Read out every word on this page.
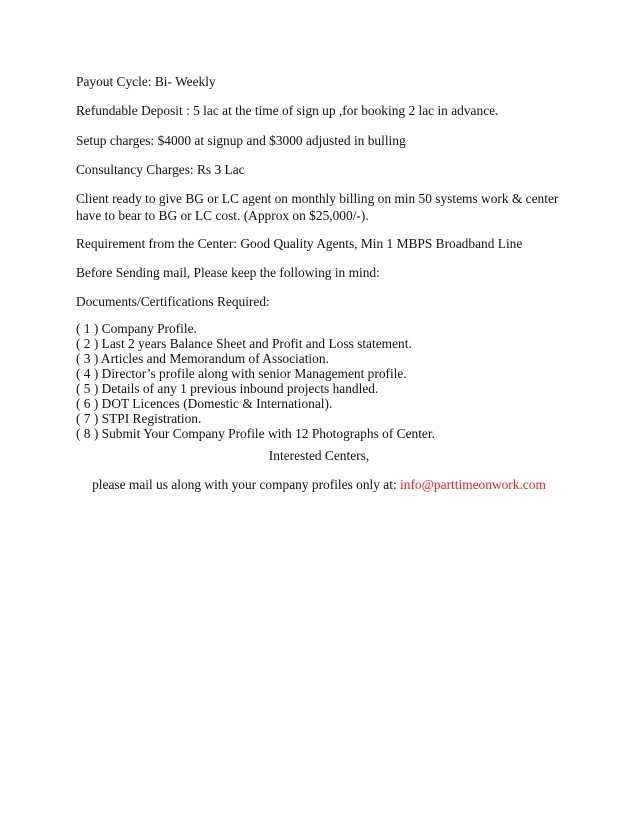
Payout Cycle: Bi- Weekly

Refundable Deposit : 5 lac at the time of sign up ,for booking 2 lac in advance.

Setup charges: $4000 at signup and $3000 adjusted in bulling

Consultancy Charges: Rs 3 Lac

Client ready to give BG or LC agent on monthly billing on min 50 systems work & center have to bear to BG or LC cost. (Approx on $25,000/-).

Requirement from the Center: Good Quality Agents, Min 1 MBPS Broadband Line

Before Sending mail, Please keep the following in mind:

Documents/Certifications Required:

( 1 ) Company Profile.
( 2 ) Last 2 years Balance Sheet and Profit and Loss statement.
( 3 ) Articles and Memorandum of Association.
( 4 ) Director’s profile along with senior Management profile.
( 5 ) Details of any 1 previous inbound projects handled.
( 6 ) DOT Licences (Domestic & International).
( 7 ) STPI Registration.
( 8 ) Submit Your Company Profile with 12 Photographs of Center.

Interested Centers,

please mail us along with your company profiles only at: info@parttimeonwork.com
